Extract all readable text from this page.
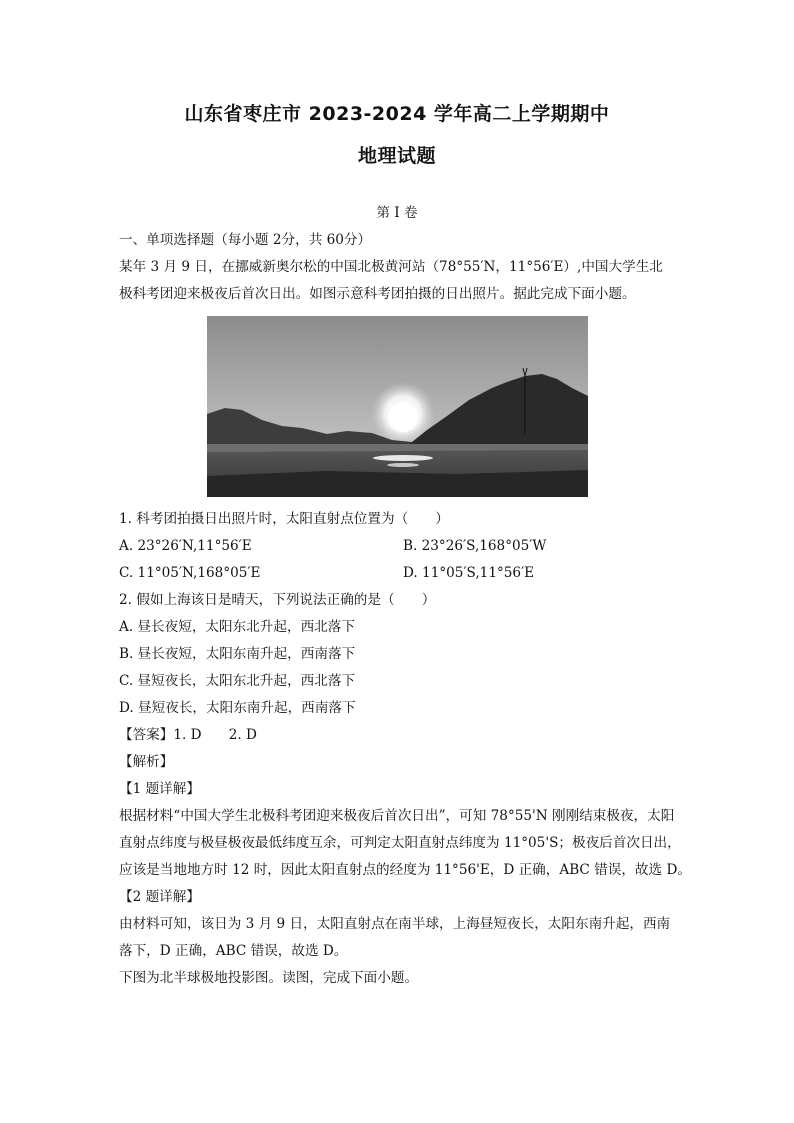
山东省枣庄市 2023-2024 学年高二上学期期中
地理试题
第 I 卷
一、单项选择题（每小题 2分，共 60分）
某年 3 月 9 日，在挪威新奥尔松的中国北极黄河站（78°55′N，11°56′E）,中国大学生北
极科考团迎来极夜后首次日出。如图示意科考团拍摄的日出照片。据此完成下面小题。
1. 科考团拍摄日出照片时，太阳直射点位置为（　　）
A. 23°26′N,11°56′E	B. 23°26′S,168°05′W
C. 11°05′N,168°05′E	D. 11°05′S,11°56′E
2. 假如上海该日是晴天，下列说法正确的是（　　）
A. 昼长夜短，太阳东北升起，西北落下
B. 昼长夜短，太阳东南升起，西南落下
C. 昼短夜长，太阳东北升起，西北落下
D. 昼短夜长，太阳东南升起，西南落下
【答案】1. D　　2. D
【解析】
【1 题详解】
根据材料“中国大学生北极科考团迎来极夜后首次日出”，可知 78°55'N 刚刚结束极夜，太阳
直射点纬度与极昼极夜最低纬度互余，可判定太阳直射点纬度为 11°05'S；极夜后首次日出，
应该是当地地方时 12 时，因此太阳直射点的经度为 11°56'E，D 正确，ABC 错误，故选 D。
【2 题详解】
由材料可知，该日为 3 月 9 日，太阳直射点在南半球，上海昼短夜长，太阳东南升起，西南
落下，D 正确，ABC 错误，故选 D。
下图为北半球极地投影图。读图，完成下面小题。
